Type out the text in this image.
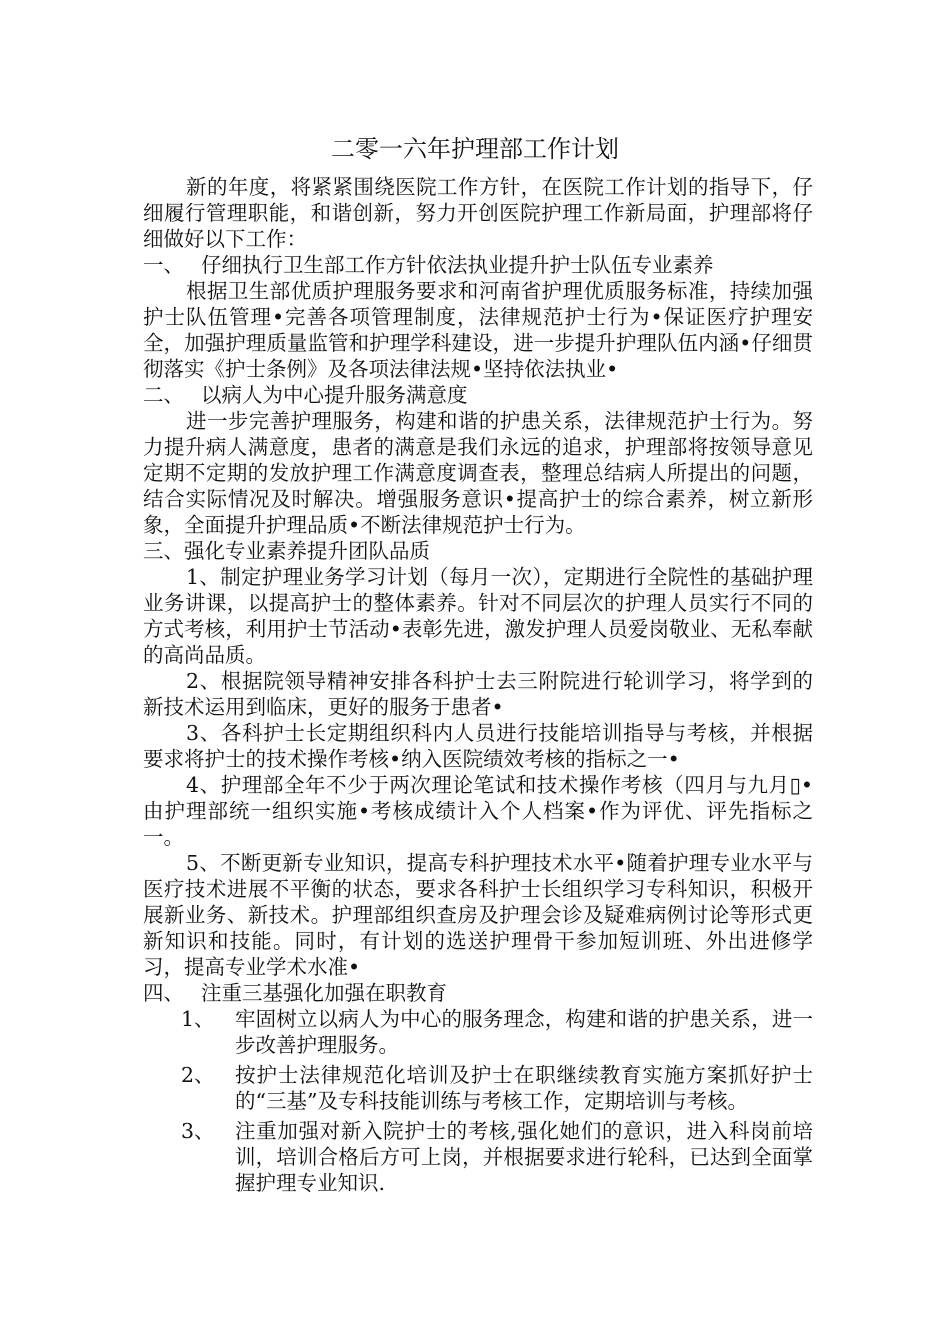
二零一六年护理部工作计划

新的年度，将紧紧围绕医院工作方针，在医院工作计划的指导下，仔细履行管理职能，和谐创新，努力开创医院护理工作新局面，护理部将仔细做好以下工作：

一、 仔细执行卫生部工作方针依法执业提升护士队伍专业素养

根据卫生部优质护理服务要求和河南省护理优质服务标准，持续加强护士队伍管理•完善各项管理制度，法律规范护士行为•保证医疗护理安全，加强护理质量监管和护理学科建设，进一步提升护理队伍内涵•仔细贯彻落实《护士条例》及各项法律法规•坚持依法执业•

二、 以病人为中心提升服务满意度

进一步完善护理服务，构建和谐的护患关系，法律规范护士行为。努力提升病人满意度，患者的满意是我们永远的追求，护理部将按领导意见定期不定期的发放护理工作满意度调查表，整理总结病人所提出的问题，结合实际情况及时解决。增强服务意识•提高护士的综合素养，树立新形象，全面提升护理品质•不断法律规范护士行为。

三、强化专业素养提升团队品质

1、制定护理业务学习计划（每月一次），定期进行全院性的基础护理业务讲课，以提高护士的整体素养。针对不同层次的护理人员实行不同的方式考核，利用护士节活动•表彰先进，激发护理人员爱岗敬业、无私奉献的高尚品质。

2、根据院领导精神安排各科护士去三附院进行轮训学习，将学到的新技术运用到临床，更好的服务于患者•

3、各科护士长定期组织科内人员进行技能培训指导与考核，并根据要求将护士的技术操作考核•纳入医院绩效考核的指标之一•

4、护理部全年不少于两次理论笔试和技术操作考核（四月与九月▯•由护理部统一组织实施•考核成绩计入个人档案•作为评优、评先指标之一。

5、不断更新专业知识，提高专科护理技术水平•随着护理专业水平与医疗技术进展不平衡的状态，要求各科护士长组织学习专科知识，积极开展新业务、新技术。护理部组织查房及护理会诊及疑难病例讨论等形式更新知识和技能。同时，有计划的选送护理骨干参加短训班、外出进修学习，提高专业学术水准•

四、 注重三基强化加强在职教育

1、 牢固树立以病人为中心的服务理念，构建和谐的护患关系，进一步改善护理服务。
2、 按护士法律规范化培训及护士在职继续教育实施方案抓好护士的“三基”及专科技能训练与考核工作，定期培训与考核。
3、 注重加强对新入院护士的考核,强化她们的意识，进入科岗前培训，培训合格后方可上岗，并根据要求进行轮科，已达到全面掌握护理专业知识.
